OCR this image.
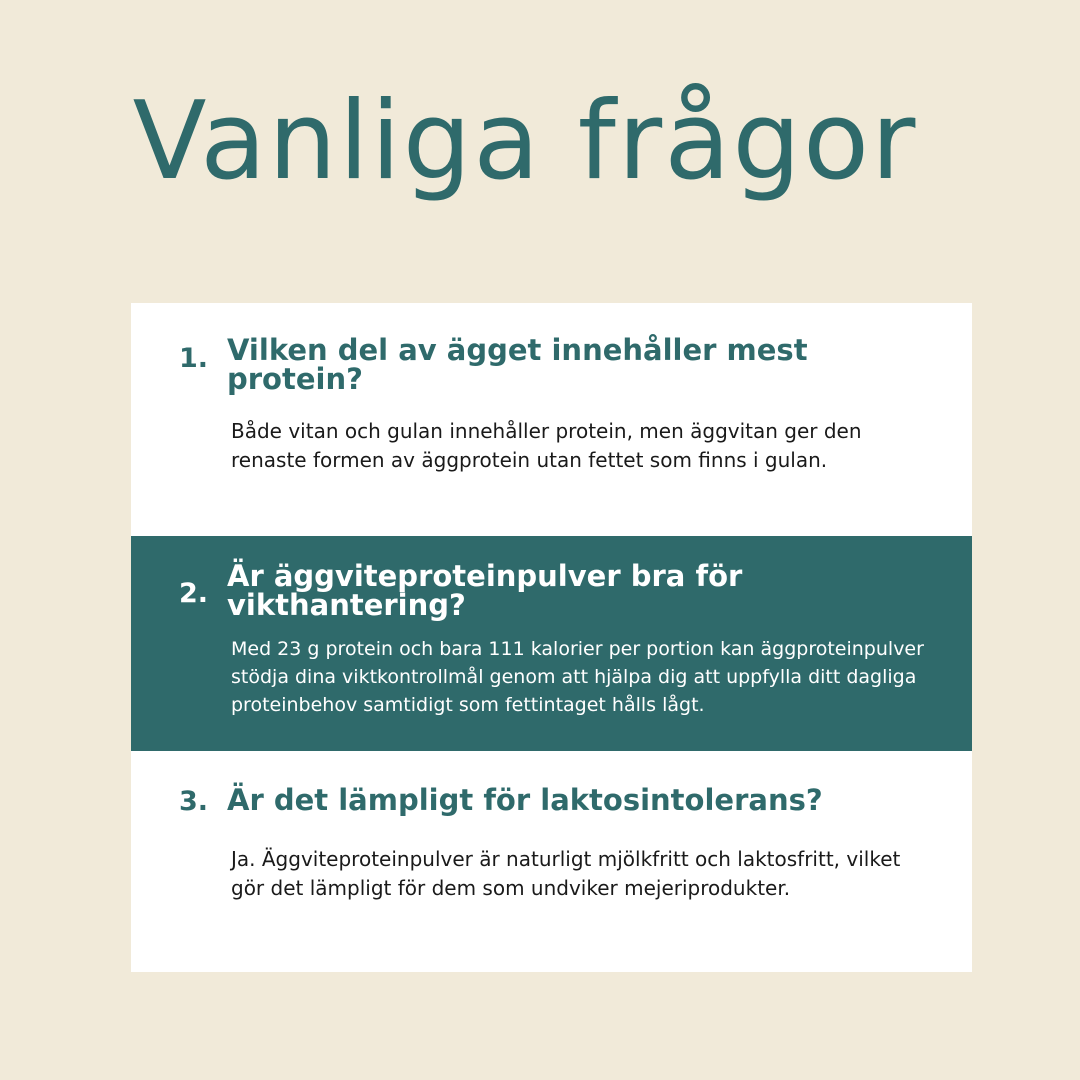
Vanliga frågor
1. Vilken del av ägget innehåller mest protein?

Både vitan och gulan innehåller protein, men äggvitan ger den renaste formen av äggprotein utan fettet som finns i gulan.

2.
Är äggviteproteinpulver bra för vikthantering?

Med 23 g protein och bara 111 kalorier per portion kan äggproteinpulver stödja dina viktkontrollmål genom att hjälpa dig att uppfylla ditt dagliga proteinbehov samtidigt som fettintaget hålls lågt.

3. Är det lämpligt för laktosintolerans?

Ja. Äggviteproteinpulver är naturligt mjölkfritt och laktosfritt, vilket gör det lämpligt för dem som undviker mejeriprodukter.
